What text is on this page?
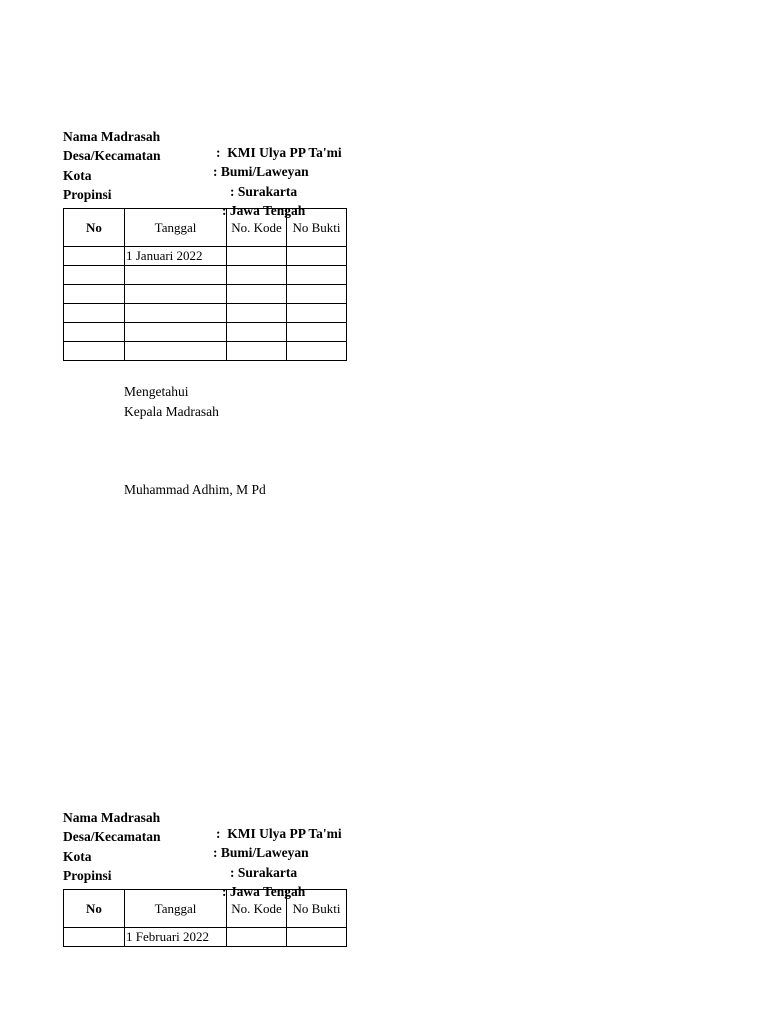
Nama Madrasah

:  KMI Ulya PP Ta'mi

Desa/Kecamatan

: Bumi/Laweyan

Kota

: Surakarta

Propinsi

: Jawa Tengah

No	Tanggal	No. Kode	No Bukti
	1 Januari 2022		

Mengetahui
Kepala Madrasah
Muhammad Adhim, M Pd

Nama Madrasah

:  KMI Ulya PP Ta'mi

Desa/Kecamatan

: Bumi/Laweyan

Kota

: Surakarta

Propinsi

: Jawa Tengah

No	Tanggal	No. Kode	No Bukti
	1 Februari 2022		
